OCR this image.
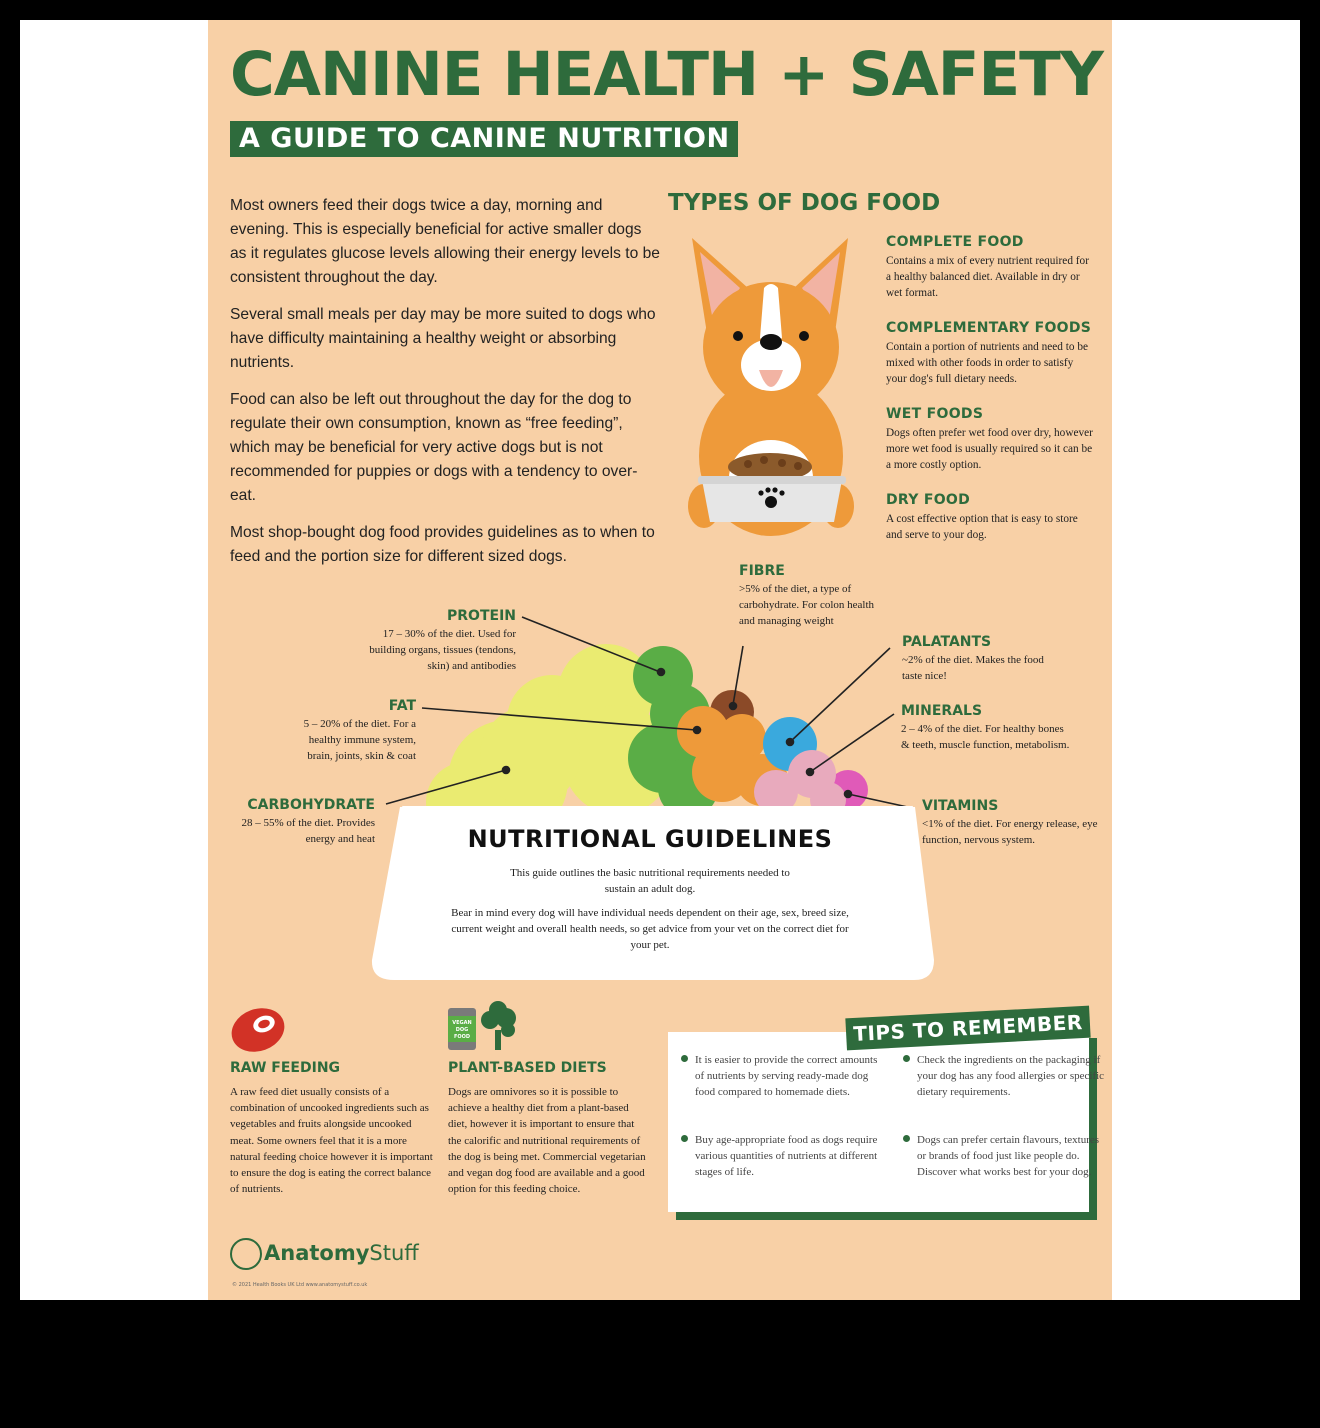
CANINE HEALTH + SAFETY
A GUIDE TO CANINE NUTRITION

Most owners feed their dogs twice a day, morning and evening. This is especially beneficial for active smaller dogs as it regulates glucose levels allowing their energy levels to be consistent throughout the day.

Several small meals per day may be more suited to dogs who have difficulty maintaining a healthy weight or absorbing nutrients.

Food can also be left out throughout the day for the dog to regulate their own consumption, known as “free feeding”, which may be beneficial for very active dogs but is not recommended for puppies or dogs with a tendency to over-eat.

Most shop-bought dog food provides guidelines as to when to feed and the portion size for different sized dogs.

TYPES OF DOG FOOD
VEGAN
DOG
FOOD
COMPLETE FOOD

Contains a mix of every nutrient required for a healthy balanced diet. Available in dry or wet format.

COMPLEMENTARY FOODS

Contain a portion of nutrients and need to be mixed with other foods in order to satisfy your dog's full dietary needs.

WET FOODS

Dogs often prefer wet food over dry, however more wet food is usually required so it can be a more costly option.

DRY FOOD

A cost effective option that is easy to store and serve to your dog.

PROTEIN

17 – 30% of the diet. Used for building organs, tissues (tendons, skin) and antibodies

FAT

5 – 20% of the diet. For a healthy immune system, brain, joints, skin & coat

CARBOHYDRATE

28 – 55% of the diet. Provides energy and heat

FIBRE

>5% of the diet, a type of carbohydrate. For colon health and managing weight

PALATANTS

~2% of the diet. Makes the food taste nice!

MINERALS

2 – 4% of the diet. For healthy bones & teeth, muscle function, metabolism.

VITAMINS

<1% of the diet. For energy release, eye function, nervous system.

NUTRITIONAL GUIDELINES

This guide outlines the basic nutritional requirements needed to sustain an adult dog.

Bear in mind every dog will have individual needs dependent on their age, sex, breed size, current weight and overall health needs, so get advice from your vet on the correct diet for your pet.

RAW FEEDING

A raw feed diet usually consists of a combination of uncooked ingredients such as vegetables and fruits alongside uncooked meat. Some owners feel that it is a more natural feeding choice however it is important to ensure the dog is eating the correct balance of nutrients.

PLANT-BASED DIETS

Dogs are omnivores so it is possible to achieve a healthy diet from a plant-based diet, however it is important to ensure that the calorific and nutritional requirements of the dog is being met. Commercial vegetarian and vegan dog food are available and a good option for this feeding choice.

TIPS TO REMEMBER
It is easier to provide the correct amounts of nutrients by serving ready-made dog food compared to homemade diets.
Check the ingredients on the packaging if your dog has any food allergies or specific dietary requirements.
Buy age-appropriate food as dogs require various quantities of nutrients at different stages of life.
Dogs can prefer certain flavours, textures or brands of food just like people do. Discover what works best for your dog.
AnatomyStuff
© 2021 Health Books UK Ltd www.anatomystuff.co.uk
